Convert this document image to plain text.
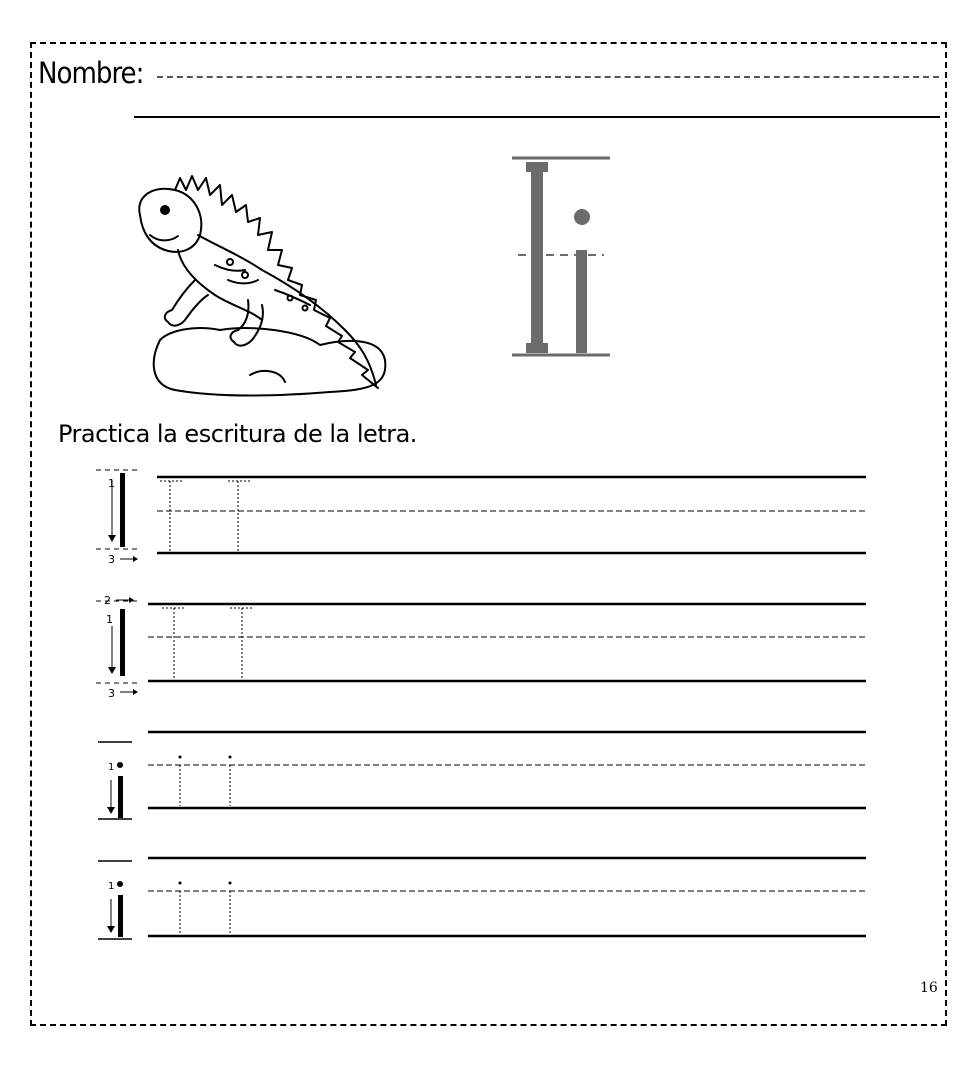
Nombre:
1
3
2
1
3
1
1
Practica la escritura de la letra.
16
